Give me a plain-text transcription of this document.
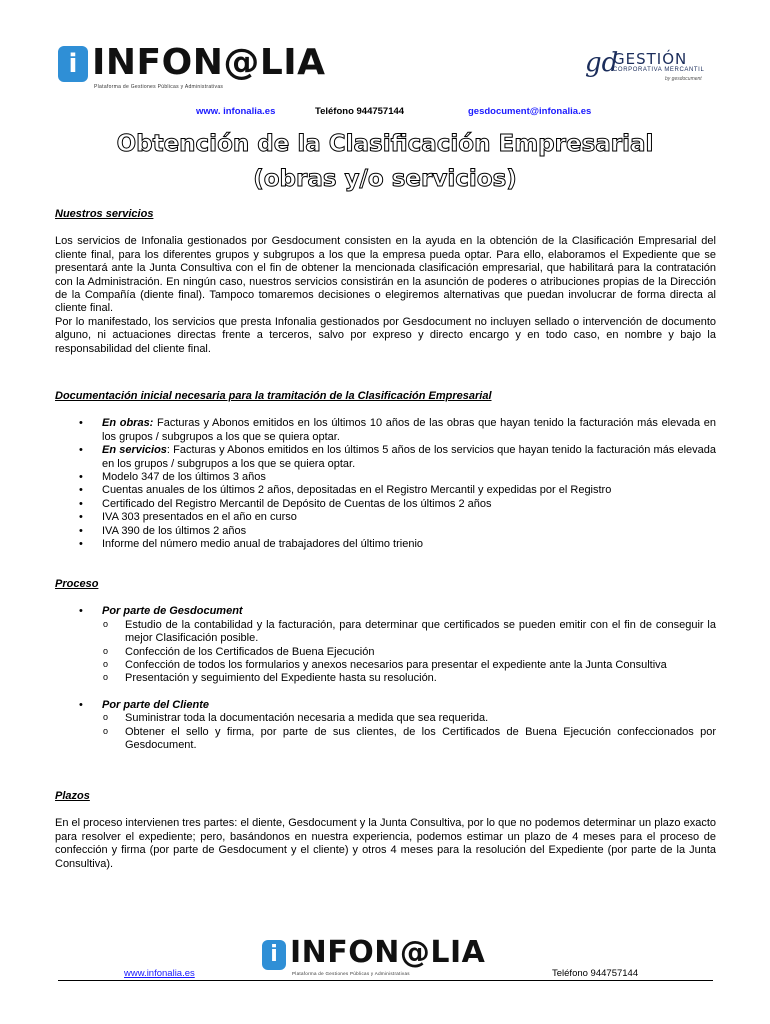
i INFON@LIA
Plataforma de Gestiones Públicas y Administrativas
gd
GESTIÓN
CORPORATIVA MERCANTIL
by gesdocument
www. infonalia.es	Teléfono 944757144	gesdocument@infonalia.es
Obtención de la Clasificación Empresarial
(obras y/o servicios)
Nuestros servicios

Los servicios de Infonalia gestionados por Gesdocument consisten en la ayuda en la obtención de la Clasificación Empresarial del cliente final, para los diferentes grupos y subgrupos a los que la empresa pueda optar. Para ello, elaboramos el Expediente que se presentará ante la Junta Consultiva con el fin de obtener la mencionada clasificación empresarial, que habilitará para la contratación con la Administración. En ningún caso, nuestros servicios consistirán en la asunción de poderes o atribuciones propias de la Dirección de la Compañía (diente final). Tampoco tomaremos decisiones o elegiremos alternativas que puedan involucrar de forma directa al cliente final.

Por lo manifestado, los servicios que presta Infonalia gestionados por Gesdocument no incluyen sellado o intervención de documento alguno, ni actuaciones directas frente a terceros, salvo por expreso y directo encargo y en todo caso, en nombre y bajo la responsabilidad del cliente final.

Documentación inicial necesaria para la tramitación de la Clasificación Empresarial
• En obras: Facturas y Abonos emitidos en los últimos 10 años de las obras que hayan tenido la facturación más elevada en los grupos / subgrupos a los que se quiera optar.
• En servicios: Facturas y Abonos emitidos en los últimos 5 años de los servicios que hayan tenido la facturación más elevada en los grupos / subgrupos a los que se quiera optar.
• Modelo 347 de los últimos 3 años
• Cuentas anuales de los últimos 2 años, depositadas en el Registro Mercantil y expedidas por el Registro
• Certificado del Registro Mercantil de Depósito de Cuentas de los últimos 2 años
• IVA 303 presentados en el año en curso
• IVA 390 de los últimos 2 años
• Informe del número medio anual de trabajadores del último trienio
Proceso
• Por parte de Gesdocument
o Estudio de la contabilidad y la facturación, para determinar que certificados se pueden emitir con el fin de conseguir la mejor Clasificación posible.
o Confección de los Certificados de Buena Ejecución
o Confección de todos los formularios y anexos necesarios para presentar el expediente ante la Junta Consultiva
o Presentación y seguimiento del Expediente hasta su resolución.
• Por parte del Cliente
o Suministrar toda la documentación necesaria a medida que sea requerida.
o Obtener el sello y firma, por parte de sus clientes, de los Certificados de Buena Ejecución confeccionados por Gesdocument.
Plazos

En el proceso intervienen tres partes: el diente, Gesdocument y la Junta Consultiva, por lo que no podemos determinar un plazo exacto para resolver el expediente; pero, basándonos en nuestra experiencia, podemos estimar un plazo de 4 meses para el proceso de confección y firma (por parte de Gesdocument y el cliente) y otros 4 meses para la resolución del Expediente (por parte de la Junta Consultiva).

i INFON@LIA
Plataforma de Gestiones Públicas y Administrativas
www.infonalia.es	Teléfono 944757144
